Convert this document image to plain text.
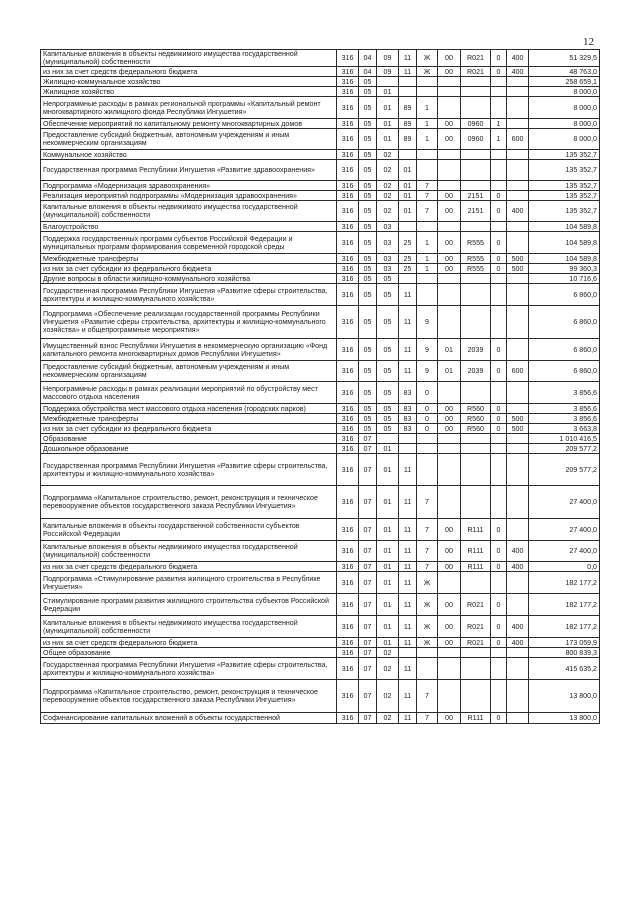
12
Капитальные вложения в объекты недвижимого имущества государственной (муниципальной) собственности	316	04	09	11	Ж	00	R021	0	400	51 329,5
из них за счет средств федерального бюджета	316	04	09	11	Ж	00	R021	0	400	48 763,0
Жилищно-коммунальное хозяйство	316	05								258 659,1
Жилищное хозяйство	316	05	01							8 000,0
Непрограммные расходы в рамках региональной программы «Капитальный ремонт многоквартирного жилищного фонда Республики Ингушетия»	316	05	01	89	1					8 000,0
Обеспечение мероприятий по капитальному ремонту многоквартирных домов	316	05	01	89	1	00	0960	1		8 000,0
Предоставление субсидий бюджетным, автономным учреждениям и иным некоммерческим организациям	316	05	01	89	1	00	0960	1	600	8 000,0
Коммунальное хозяйство	316	05	02							135 352,7
Государственная программа Республики Ингушетия «Развитие здравоохранения»	316	05	02	01						135 352,7
Подпрограмма «Модернизация здравоохранения»	316	05	02	01	7					135 352,7
Реализация мероприятий подпрограммы «Модернизация здравоохранения»	316	05	02	01	7	00	2151	0		135 352,7
Капитальные вложения в объекты недвижимого имущества государственной (муниципальной) собственности	316	05	02	01	7	00	2151	0	400	135 352,7
Благоустройство	316	05	03							104 589,8
Поддержка государственных программ субъектов Российской Федерации и муниципальных программ формирования современной городской среды	316	05	03	25	1	00	R555	0		104 589,8
Межбюджетные трансферты	316	05	03	25	1	00	R555	0	500	104 589,8
из них за счет субсидии из федерального бюджета	316	05	03	25	1	00	R555	0	500	99 360,3
Другие вопросы в области жилищно-коммунального хозяйства	316	05	05							10 716,6
Государственная программа Республики Ингушетия «Развитие сферы строительства, архитектуры и жилищно-коммунального хозяйства»	316	05	05	11						6 860,0
Подпрограмма «Обеспечение реализации государственной программы Республики Ингушетия «Развитие сферы строительства, архитектуры и жилищно-коммунального хозяйства» и общепрограммные мероприятия»	316	05	05	11	9					6 860,0
Имущественный взнос Республики Ингушетия в некоммерческую организацию «Фонд капитального ремонта многоквартирных домов Республики Ингушетия»	316	05	05	11	9	01	2039	0		6 860,0
Предоставление субсидий бюджетным, автономным учреждениям и иным некоммерческим организациям	316	05	05	11	9	01	2039	0	600	6 860,0
Непрограммные расходы в рамках реализации мероприятий по обустройству мест массового отдыха населения	316	05	05	83	0					3 856,6
Поддержка обустройства мест массового отдыха населения (городских парков)	316	05	05	83	0	00	R560	0		3 856,6
Межбюджетные трансферты	316	05	05	83	0	00	R560	0	500	3 856,6
из них за счет субсидии из федерального бюджета	316	05	05	83	0	00	R560	0	500	3 663,8
Образование	316	07								1 010 416,5
Дошкольное образование	316	07	01							209 577,2
Государственная программа Республики Ингушетия «Развитие сферы строительства, архитектуры и жилищно-коммунального хозяйства»	316	07	01	11						209 577,2
Подпрограмма «Капитальное строительство, ремонт, реконструкция и техническое перевооружение объектов государственного заказа Республики Ингушетия»	316	07	01	11	7					27 400,0
Капитальные вложения в объекты государственной собственности субъектов Российской Федерации	316	07	01	11	7	00	R111	0		27 400,0
Капитальные вложения в объекты недвижимого имущества государственной (муниципальной) собственности	316	07	01	11	7	00	R111	0	400	27 400,0
из них за счет средств федерального бюджета	316	07	01	11	7	00	R111	0	400	0,0
Подпрограмма «Стимулирование развития жилищного строительства в Республике Ингушетия»	316	07	01	11	Ж					182 177,2
Стимулирование программ развития жилищного строительства субъектов Российской Федерации	316	07	01	11	Ж	00	R021	0		182 177,2
Капитальные вложения в объекты недвижимого имущества государственной (муниципальной) собственности	316	07	01	11	Ж	00	R021	0	400	182 177,2
из них за счет средств федерального бюджета	316	07	01	11	Ж	00	R021	0	400	173 059,9
Общее образование	316	07	02							800 839,3
Государственная программа Республики Ингушетия «Развитие сферы строительства, архитектуры и жилищно-коммунального хозяйства»	316	07	02	11						415 635,2
Подпрограмма «Капитальное строительство, ремонт, реконструкция и техническое перевооружение объектов государственного заказа Республики Ингушетия»	316	07	02	11	7					13 800,0
Софинансирование капитальных вложений в объекты государственной	316	07	02	11	7	00	R111	0		13 800,0
